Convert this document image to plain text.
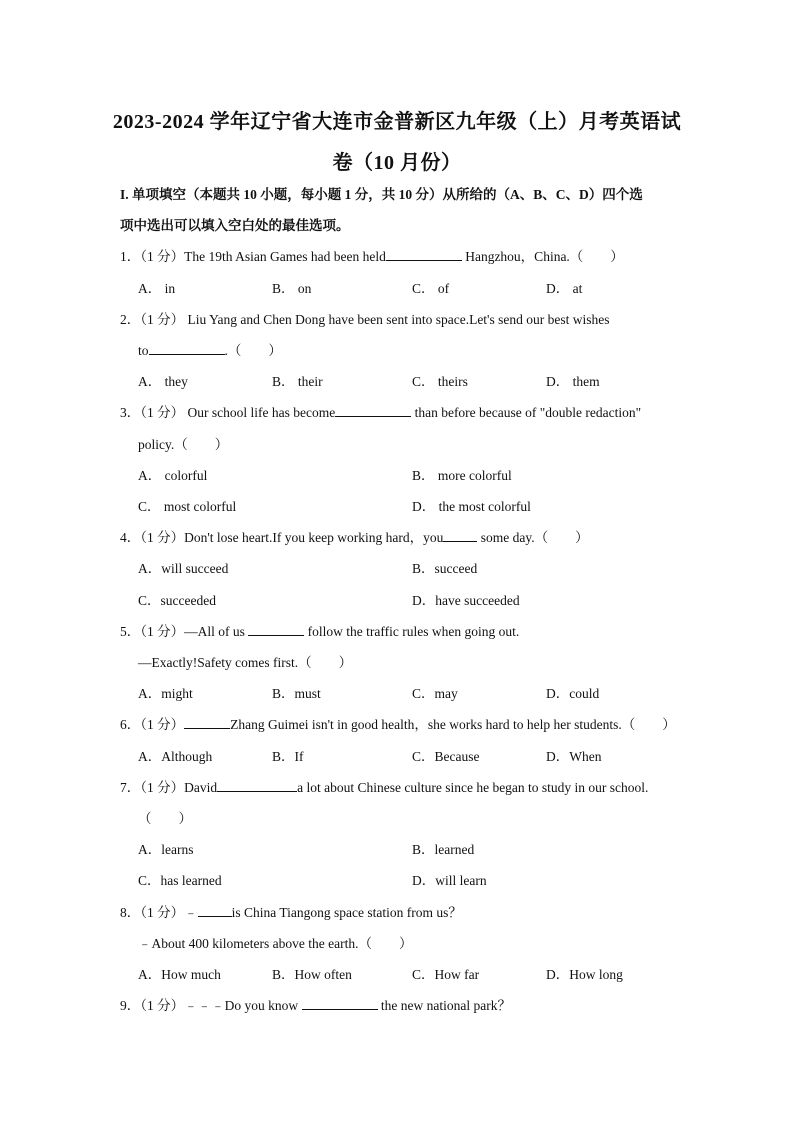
2023-2024 学年辽宁省大连市金普新区九年级（上）月考英语试
卷（10 月份）
I. 单项填空（本题共 10 小题，每小题 1 分，共 10 分）从所给的（A、B、C、D）四个选
项中选出可以填入空白处的最佳选项。
1．（1 分）The 19th Asian Games had been held	Hangzhou，China.（　　）
A． in	B． on	C． of	D． at
2．（1 分） Liu Yang and Chen Dong have been sent into space.Let's send our best wishes
to	.（　　）
A． they	B． their	C． theirs	D． them
3．（1 分） Our school life has become	than before because of "double redaction"
policy.（　　）
A． colorful	B． more colorful
C． most colorful	D． the most colorful
4．（1 分）Don't lose heart.If you keep working hard，you	some day.（　　）
A．will succeed	B．succeed
C．succeeded	D．have succeeded
5．（1 分）—All of us	follow the traffic rules when going out.
—Exactly!Safety comes first.（　　）
A．might	B．must	C．may	D．could
6．（1 分）	Zhang Guimei isn't in good health，she works hard to help her students.（　　）
A．Although	B．If	C．Because	D．When
7．（1 分）David	a lot about Chinese culture since he began to study in our school.
（　　）
A．learns	B．learned
C．has learned	D．will learn
8．（1 分）﹣	is China Tiangong space station from us？
﹣About 400 kilometers above the earth.（　　）
A．How much	B．How often	C．How far	D．How long
9．（1 分）﹣﹣﹣Do you know	the new national park？
